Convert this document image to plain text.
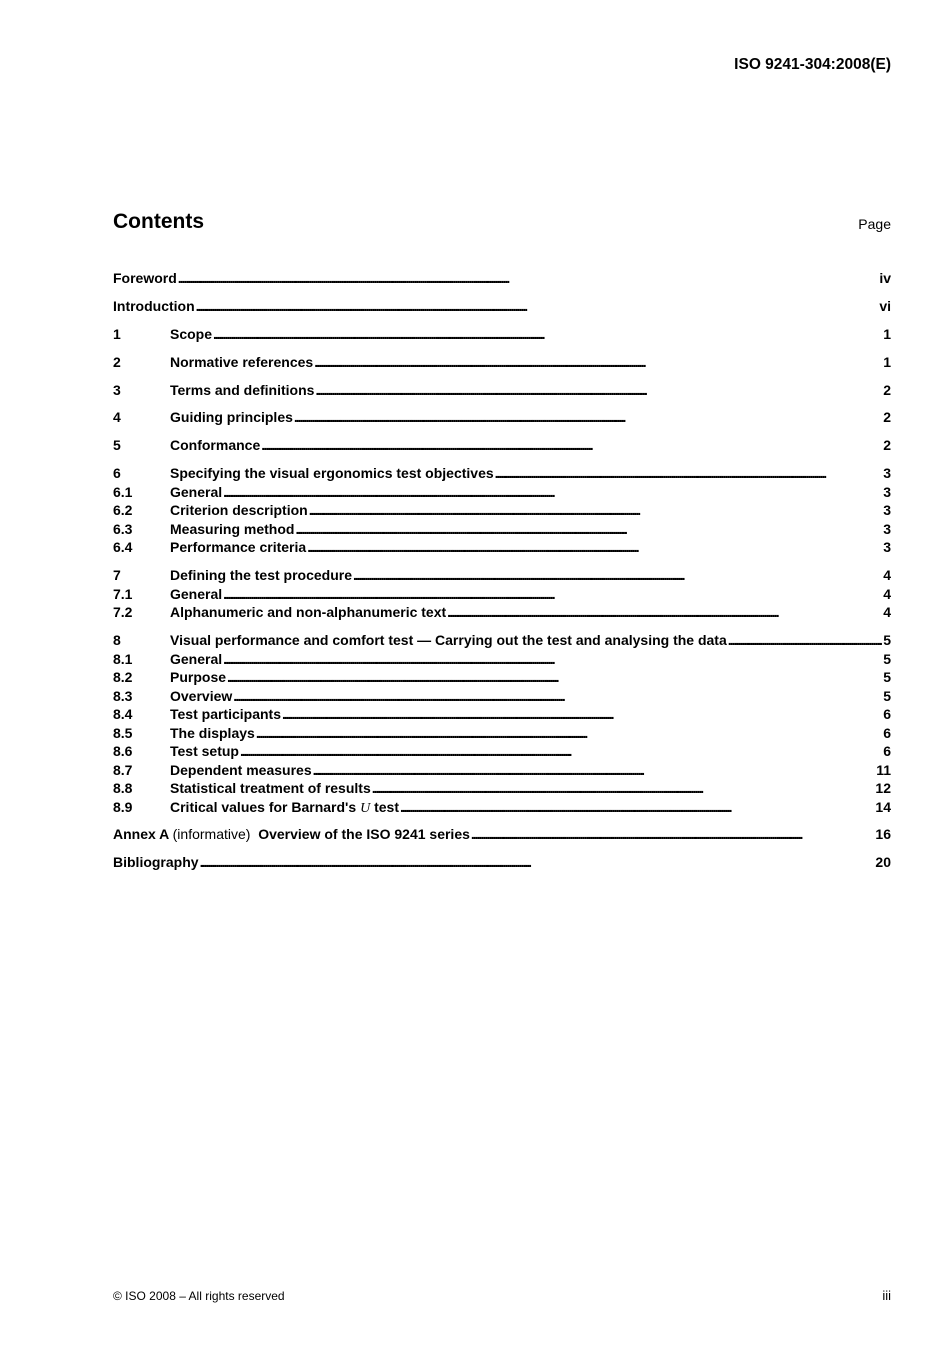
ISO 9241-304:2008(E)
Contents	Page
Foreword . . .	iv
Introduction . . .	vi
1	Scope . . .	1
2	Normative references . . .	1
3	Terms and definitions . . .	2
4	Guiding principles . . .	2
5	Conformance . . .	2
6	Specifying the visual ergonomics test objectives . . .	3
6.1	General . . .	3
6.2	Criterion description . . .	3
6.3	Measuring method . . .	3
6.4	Performance criteria . . .	3
7	Defining the test procedure . . .	4
7.1	General . . .	4
7.2	Alphanumeric and non-alphanumeric text . . .	4
8	Visual performance and comfort test — Carrying out the test and analysing the data . . .	5
8.1	General . . .	5
8.2	Purpose . . .	5
8.3	Overview . . .	5
8.4	Test participants . . .	6
8.5	The displays . . .	6
8.6	Test setup . . .	6
8.7	Dependent measures . . .	11
8.8	Statistical treatment of results . . .	12
8.9	Critical values for Barnard's U test . . .	14
Annex A (informative) Overview of the ISO 9241 series . . .	16
Bibliography . . .	20
© ISO 2008 – All rights reserved	iii
